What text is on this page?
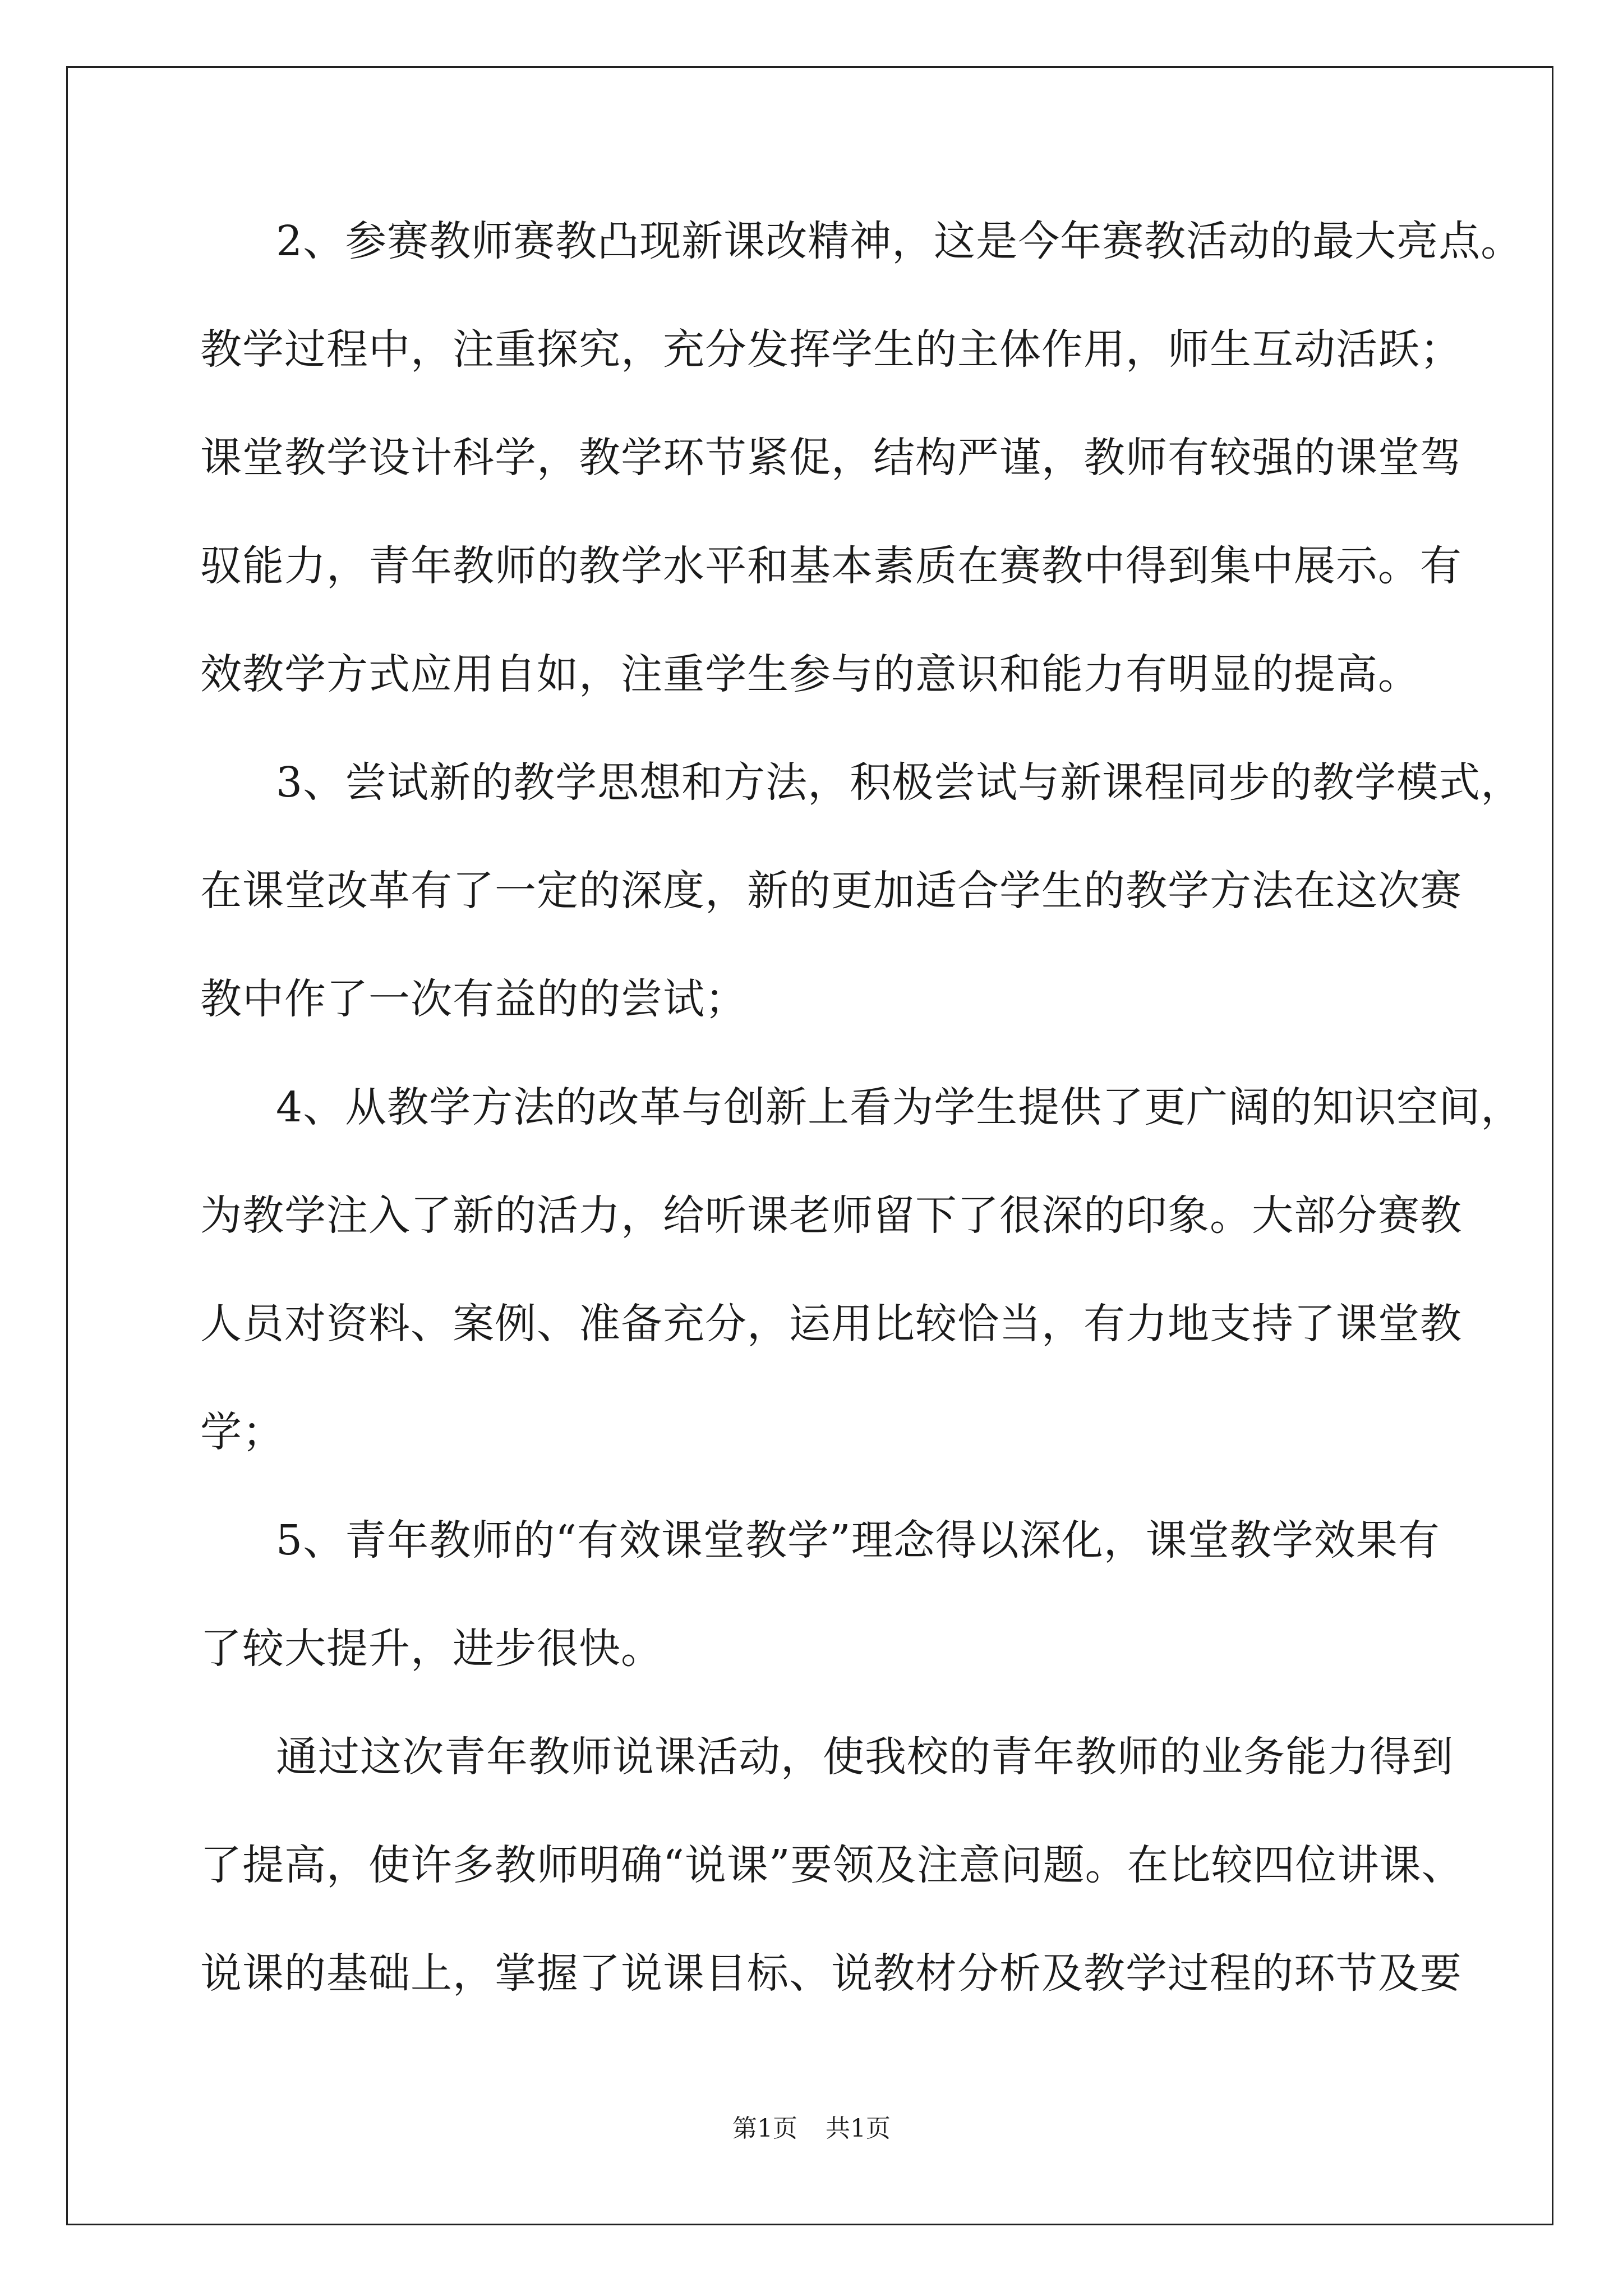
2、参赛教师赛教凸现新课改精神，这是今年赛教活动的最大亮点。
教学过程中，注重探究，充分发挥学生的主体作用，师生互动活跃；
课堂教学设计科学，教学环节紧促，结构严谨，教师有较强的课堂驾
驭能力，青年教师的教学水平和基本素质在赛教中得到集中展示。有
效教学方式应用自如，注重学生参与的意识和能力有明显的提高。
3、尝试新的教学思想和方法，积极尝试与新课程同步的教学模式，
在课堂改革有了一定的深度，新的更加适合学生的教学方法在这次赛
教中作了一次有益的的尝试；
4、从教学方法的改革与创新上看为学生提供了更广阔的知识空间，
为教学注入了新的活力，给听课老师留下了很深的印象。大部分赛教
人员对资料、案例、准备充分，运用比较恰当，有力地支持了课堂教
学；
5、青年教师的“有效课堂教学”理念得以深化，课堂教学效果有
了较大提升，进步很快。
通过这次青年教师说课活动，使我校的青年教师的业务能力得到
了提高，使许多教师明确“说课”要领及注意问题。在比较四位讲课、
说课的基础上，掌握了说课目标、说教材分析及教学过程的环节及要
第1页 共1页
